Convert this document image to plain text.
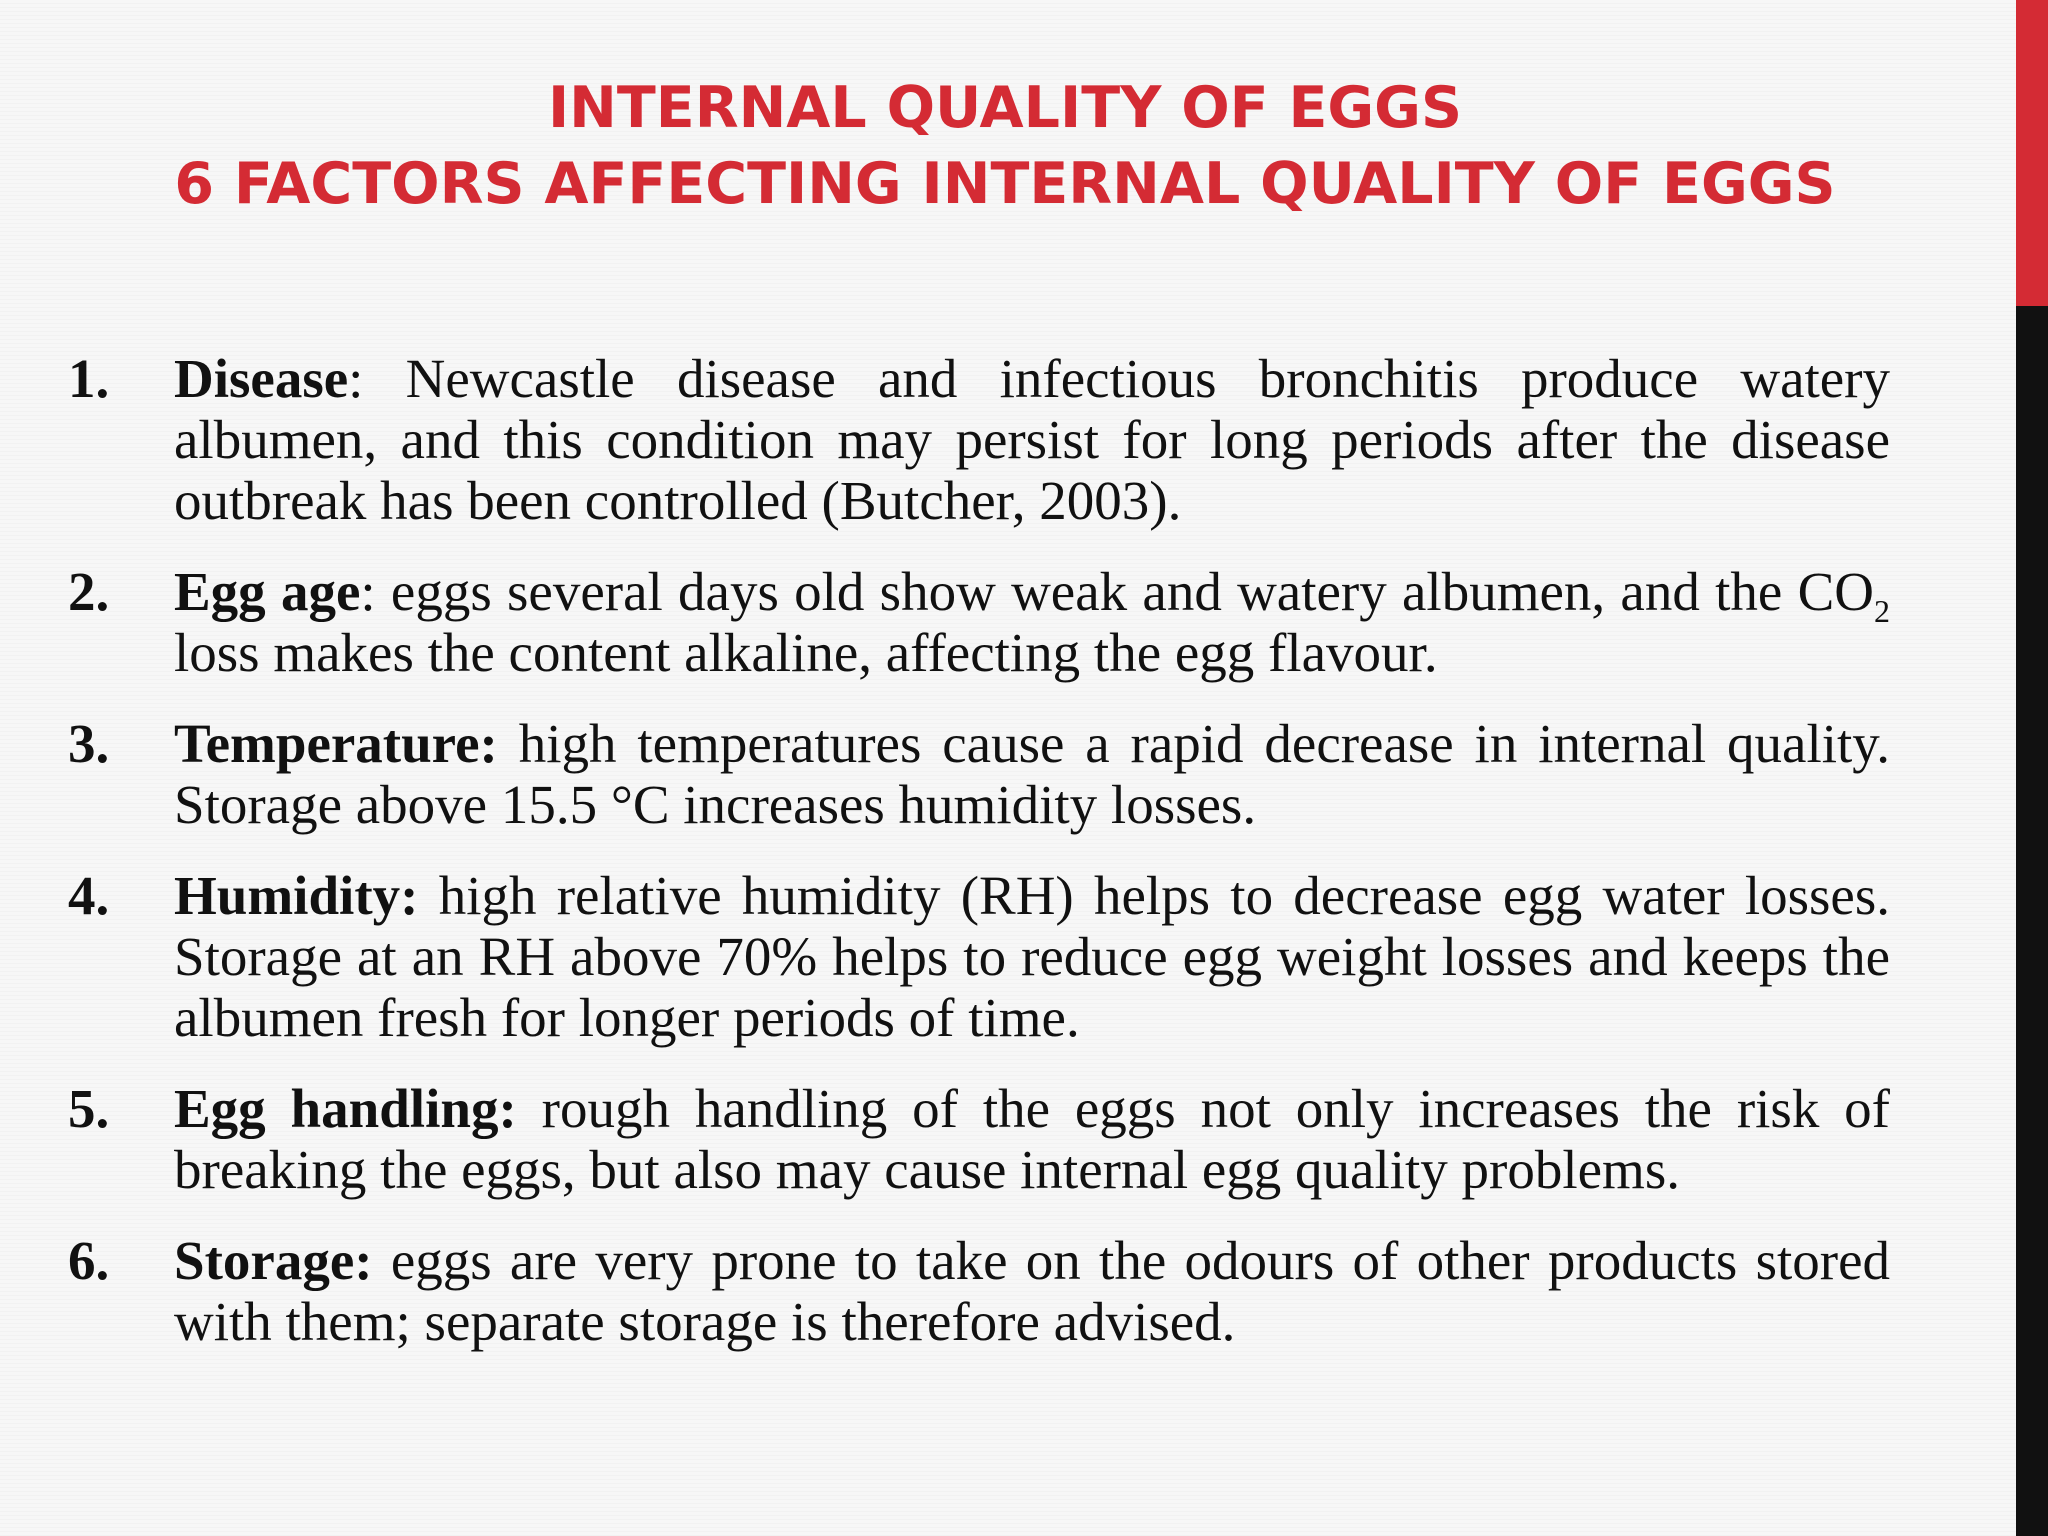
INTERNAL QUALITY OF EGGS
6 FACTORS AFFECTING INTERNAL QUALITY OF EGGS
1. Disease: Newcastle disease and infectious bronchitis produce watery albumen, and this condition may persist for long periods after the disease outbreak has been controlled (Butcher, 2003).
2. Egg age: eggs several days old show weak and watery albumen, and the $CO_2$ loss makes the content alkaline, affecting the egg flavour.
3. Temperature: high temperatures cause a rapid decrease in internal quality. Storage above 15.5 °C increases humidity losses.
4. Humidity: high relative humidity (RH) helps to decrease egg water losses. Storage at an RH above 70% helps to reduce egg weight losses and keeps the albumen fresh for longer periods of time.
5. Egg handling: rough handling of the eggs not only increases the risk of breaking the eggs, but also may cause internal egg quality problems.
6. Storage: eggs are very prone to take on the odours of other products stored with them; separate storage is therefore advised.
